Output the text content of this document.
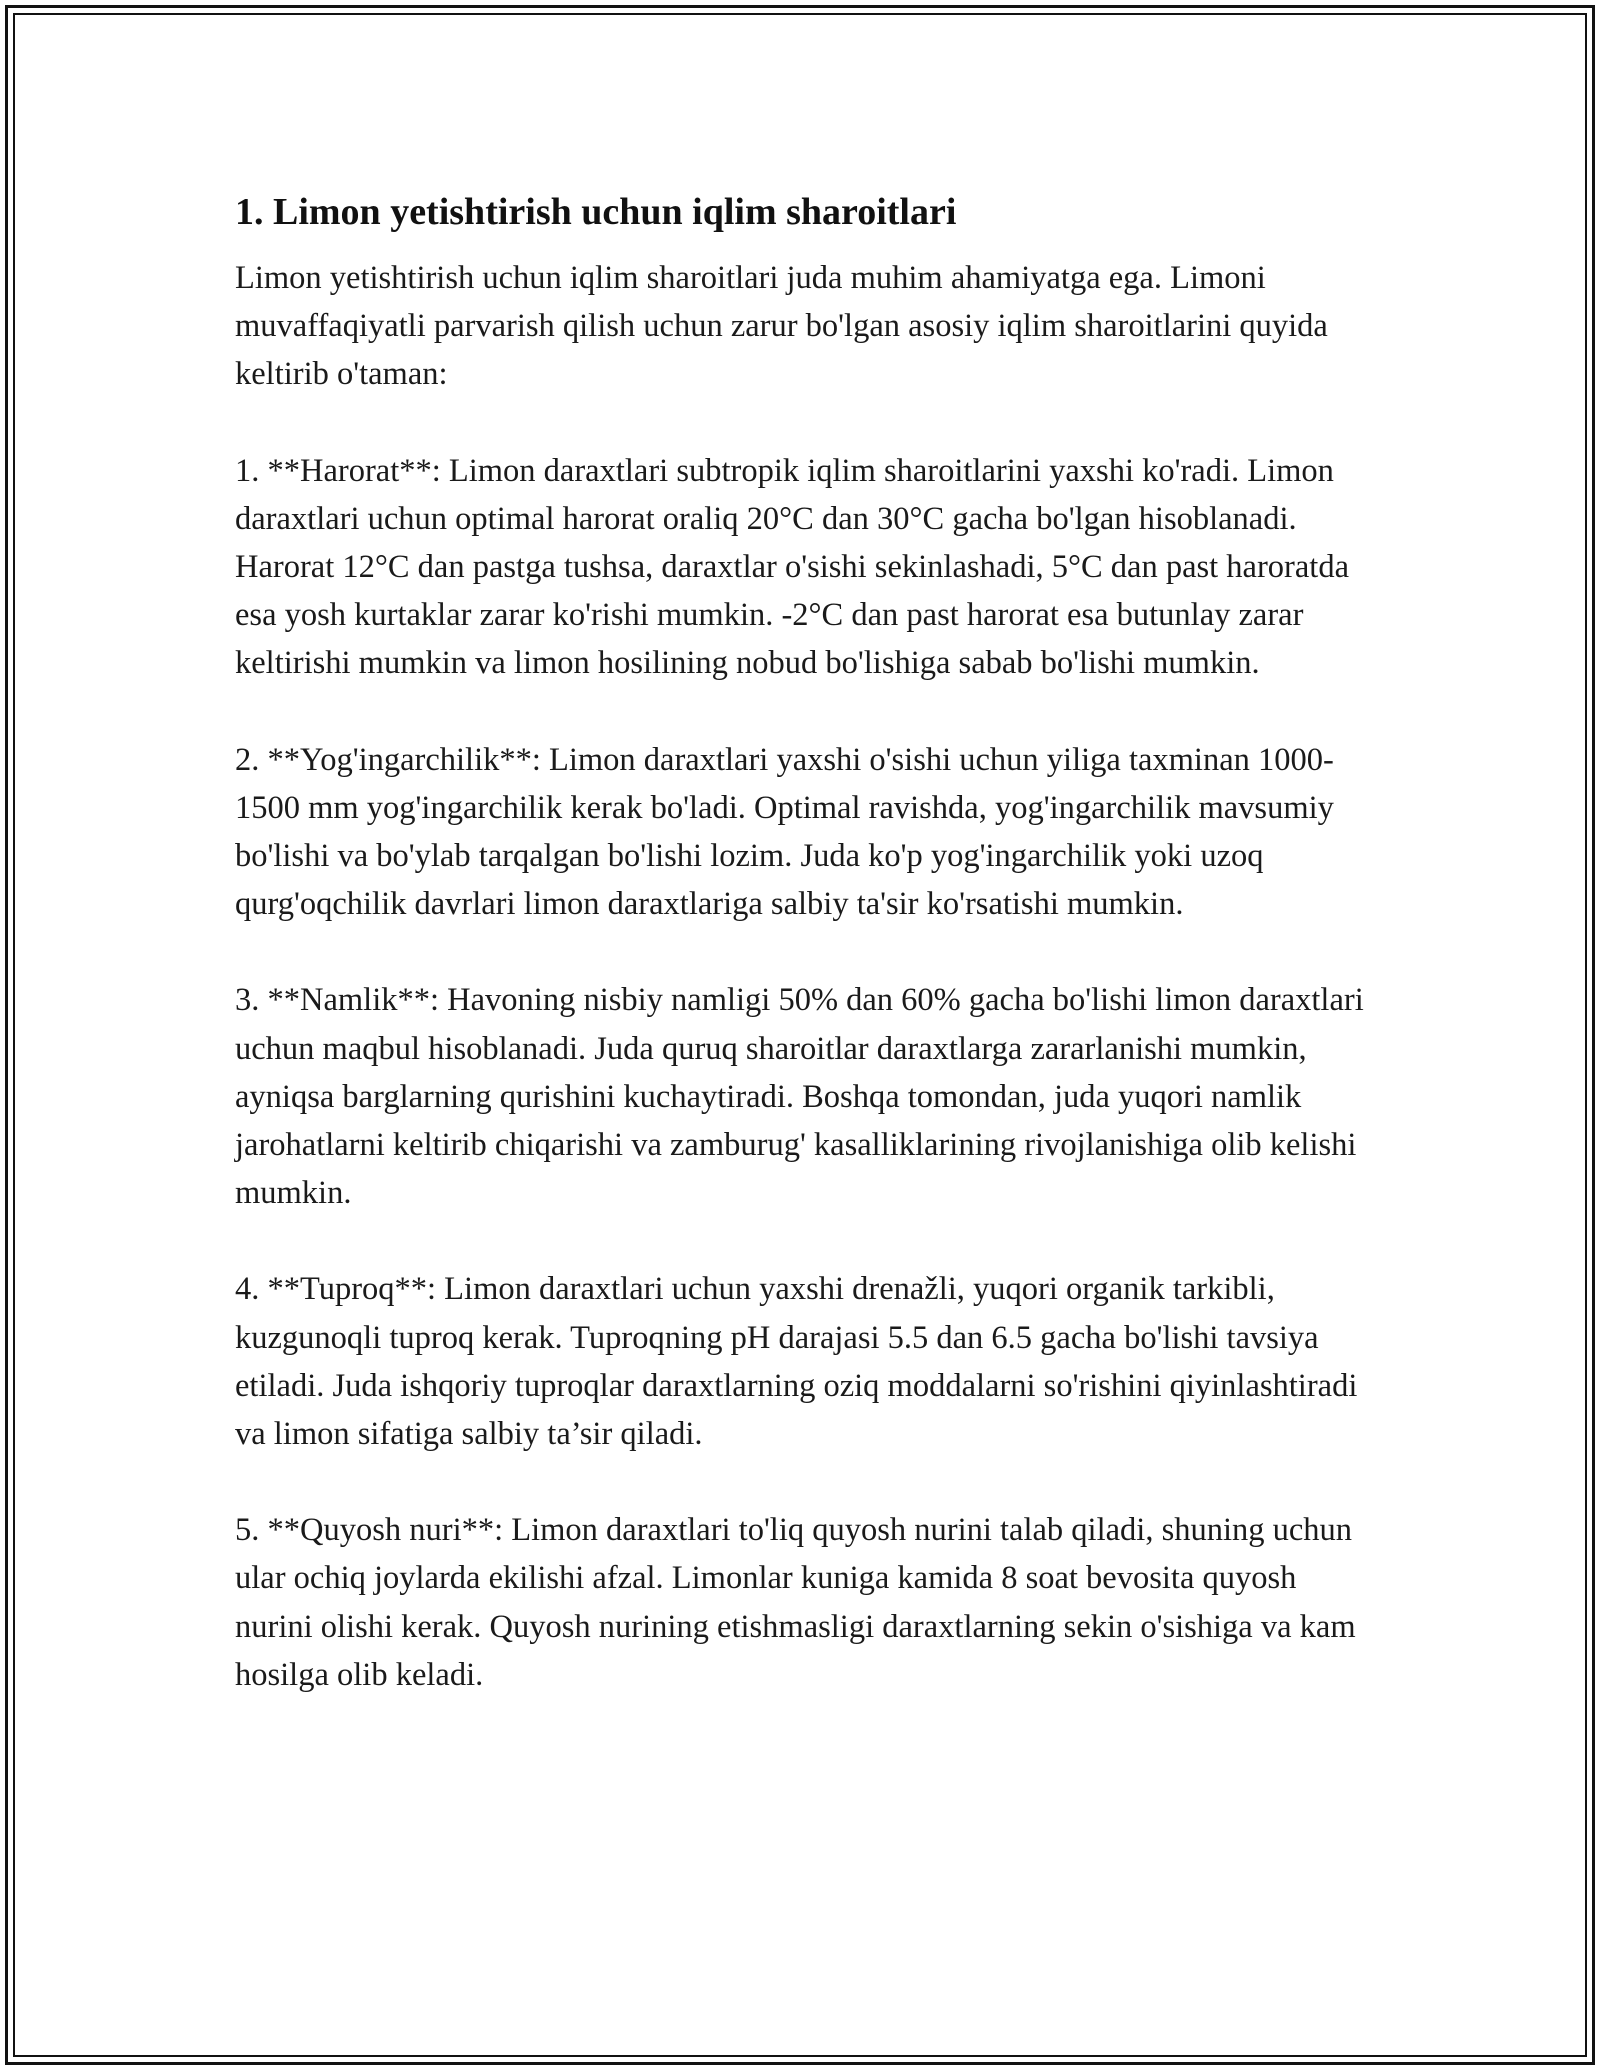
1. Limon yetishtirish uchun iqlim sharoitlari

Limon yetishtirish uchun iqlim sharoitlari juda muhim ahamiyatga ega. Limoni muvaffaqiyatli parvarish qilish uchun zarur bo'lgan asosiy iqlim sharoitlarini quyida keltirib o'taman:

1. **Harorat**: Limon daraxtlari subtropik iqlim sharoitlarini yaxshi ko'radi. Limon daraxtlari uchun optimal harorat oraliq 20°C dan 30°C gacha bo'lgan hisoblanadi. Harorat 12°C dan pastga tushsa, daraxtlar o'sishi sekinlashadi, 5°C dan past haroratda esa yosh kurtaklar zarar ko'rishi mumkin. -2°C dan past harorat esa butunlay zarar keltirishi mumkin va limon hosilining nobud bo'lishiga sabab bo'lishi mumkin.

2. **Yog'ingarchilik**: Limon daraxtlari yaxshi o'sishi uchun yiliga taxminan 1000-1500 mm yog'ingarchilik kerak bo'ladi. Optimal ravishda, yog'ingarchilik mavsumiy bo'lishi va bo'ylab tarqalgan bo'lishi lozim. Juda ko'p yog'ingarchilik yoki uzoq qurg'oqchilik davrlari limon daraxtlariga salbiy ta'sir ko'rsatishi mumkin.

3. **Namlik**: Havoning nisbiy namligi 50% dan 60% gacha bo'lishi limon daraxtlari uchun maqbul hisoblanadi. Juda quruq sharoitlar daraxtlarga zararlanishi mumkin, ayniqsa barglarning qurishini kuchaytiradi. Boshqa tomondan, juda yuqori namlik jarohatlarni keltirib chiqarishi va zamburug' kasalliklarining rivojlanishiga olib kelishi mumkin.

4. **Tuproq**: Limon daraxtlari uchun yaxshi drenažli, yuqori organik tarkibli, kuzgunoqli tuproq kerak. Tuproqning pH darajasi 5.5 dan 6.5 gacha bo'lishi tavsiya etiladi. Juda ishqoriy tuproqlar daraxtlarning oziq moddalarni so'rishini qiyinlashtiradi va limon sifatiga salbiy ta’sir qiladi.

5. **Quyosh nuri**: Limon daraxtlari to'liq quyosh nurini talab qiladi, shuning uchun ular ochiq joylarda ekilishi afzal. Limonlar kuniga kamida 8 soat bevosita quyosh nurini olishi kerak. Quyosh nurining etishmasligi daraxtlarning sekin o'sishiga va kam hosilga olib keladi.
